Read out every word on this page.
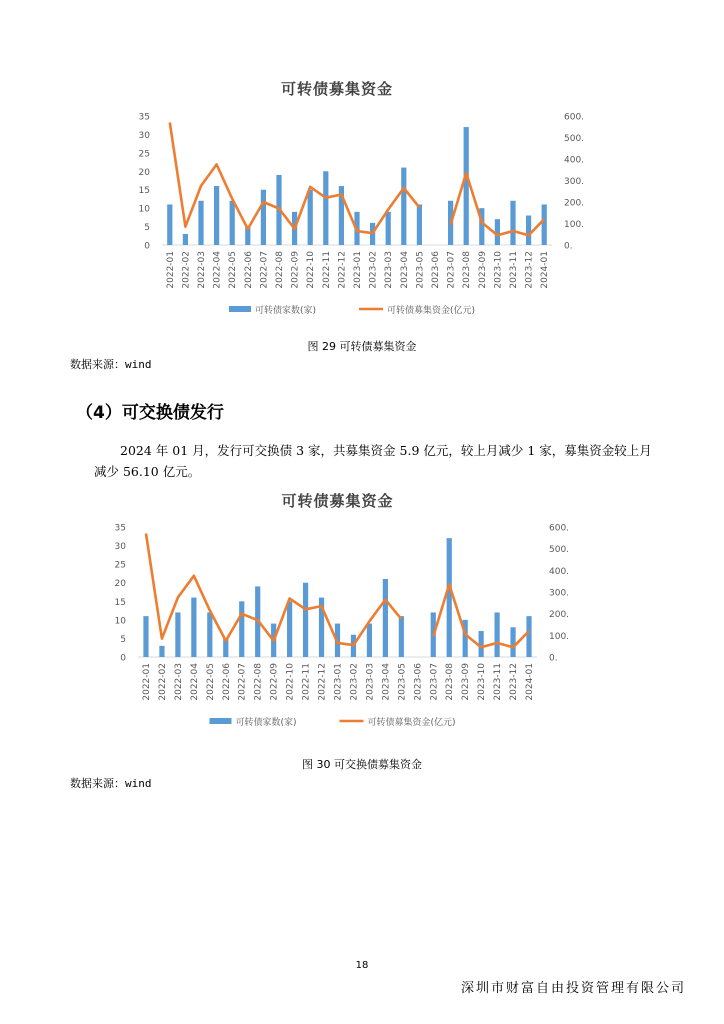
可转债募集资金
0
5
10
15
20
25
30
35
0.
100.
200.
300.
400.
500.
600.
2022-01 2022-02 2022-03 2022-04 2022-05 2022-06 2022-07 2022-08 2022-09 2022-10 2022-11 2022-12 2023-01 2023-02 2023-03 2023-04 2023-05 2023-06 2023-07 2023-08 2023-09 2023-10 2023-11 2023-12 2024-01
可转债家数(家)	可转债募集资金(亿元)
图 29 可转债募集资金
数据来源：wind
（4）可交换债发行
2024 年 01 月，发行可交换债 3 家，共募集资金 5.9 亿元，较上月减少 1 家，募集资金较上月减少 56.10 亿元。
可转债募集资金
0
5
10
15
20
25
30
35
0.
100.
200.
300.
400.
500.
600.
2022-01 2022-02 2022-03 2022-04 2022-05 2022-06 2022-07 2022-08 2022-09 2022-10 2022-11 2022-12 2023-01 2023-02 2023-03 2023-04 2023-05 2023-06 2023-07 2023-08 2023-09 2023-10 2023-11 2023-12 2024-01
可转债家数(家)	可转债募集资金(亿元)
图 30 可交换债募集资金
数据来源：wind
18
深圳市财富自由投资管理有限公司
